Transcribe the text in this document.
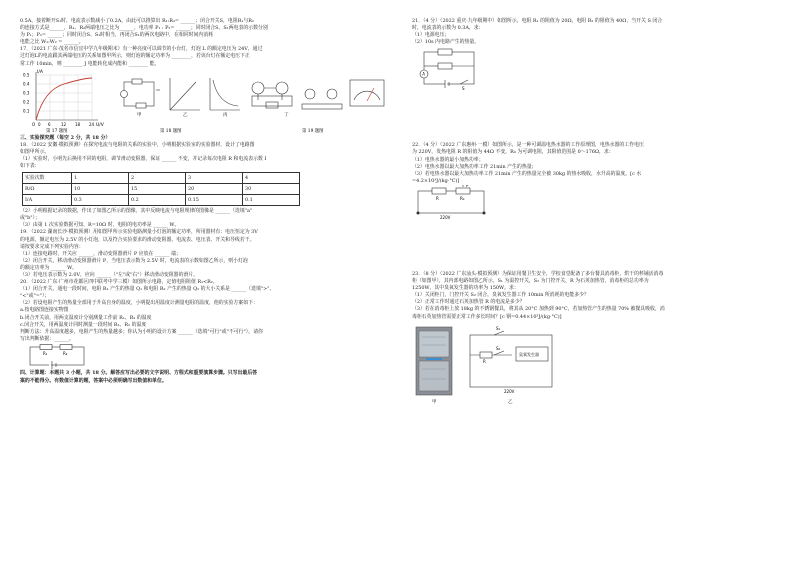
0.5A，接着断开S₁时，电流表示数减小了0.2A，由此可以推算出 R₁:R₂= ______；闭合开关S，电阻R₁与R₂

的连接方式是______，R₁、R₂两端电压之比为______，电功率 P₁ : P₂= ______；同时闭合S、S₁两电表的示数分别

为 P₁；P₂= ______；同时闭合S、S₁时相当，再闭合S₁的两次电路中，在相同时间内消耗

电能之比 W₁:W₂ = ______。

17．（2021 广东·茂名市信宜中学九年级期末）有一种亮度可以调节的小台灯，灯泡 L 的额定电压为 24V，通过

过灯泡L的电流跟其两端电压的关系如图甲所示，则灯泡的额定功率为 ________，若该台灯在额定电压下正

常工作 10min，则 ________ J 电能转化成内能和 ________ 能。

I/A
U/V
O
0.5
0.4
0.3
0.2
0.1
0 6	12 18 24
甲	乙	丙	丁
第 17 题图	第 18 题图	第 19 题图

三、实验探究题（每空 2 分，共 18 分）

18．（2022 安徽·模拟预测）在探究电流与电阻的关系的实验中，小明根据实验室的实验器材，设计了电路图

如图甲所示。

（1）实验时，小明先后换用不同的电阻，调节滑动变阻器，保证 ______ 不变，并记录每次电阻 R 和电流表示数 I

如下表：

实验次数	1	2	3	4
R/Ω	10	15	20	30
I/A	0.3	0.2	0.15	0.1

（2）小明根据记录的数据，作出了如图乙所示的图像，其中反映电流与电阻规律的图像是 ______（选填"a"

或"b"）；

（3）由第 1 次实验数据可知，R=10Ω 时，电阻的电功率是 ______ W。

19．（2022 湖南长沙·模拟预测）用如图甲所示实验电路测量小灯泡的额定功率，所用器材有：电压恒定为 3V

的电源，额定电压为 2.5V 的小灯泡，以及符合实验要求的滑动变阻器、电流表、电压表、开关和导线若干。

请按要求完成下列实验内容：

（1）连接电路时，开关应 ______，滑动变阻器滑片 P 应放在 ______ 端；

（2）闭合开关，移动滑动变阻器滑片 P，当电压表示数为 2.5V 时，电流表的示数如图乙所示，则小灯泡

的额定功率为 ______ W。

（3）若电压表示数为 2.0V，应向 ______（"左"或"右"）移动滑动变阻器的滑片。

20．（2022 广东·广州市花都区四中联考中学三模）如图所示电路，定值电阻阻值 R₁<R₂。

（1）闭合开关，通电一段时间，电阻 R₁ 产生的热量 Q₁ 和电阻 R₂ 产生的热量 Q₂ 的大小关系是 ______（选填">"、

"<"或"="）；

（2）若设电阻产生的热量全部用于升高自身的温度，小明提出用温度计测量电阻的温度，他的实验方案如下：

a.按电路图连接实物图

b.闭合开关前，用两支温度计分别测量工作前 R₁、R₂ 的温度

c.闭合开关，用两温度计同时测量一段时间 R₁、R₂ 的温度

判断方法：升高温度越多，电阻产生的热量越多；你认为小明的设计方案 ______（选填"可行"或"不可行"），请你

写出判断依据：______。

R₁	R₂

四、计算题：本题共 3 小题，共 18 分。解答应写出必要的文字说明、方程式和重要演算步骤。只写出最后答

案的不能得分。有数值计算的题，答案中必须明确写出数值和单位。

21．（4 分）（2022 重庆·九年级期中）如图所示，电阻 R₁ 的阻值为 20Ω，电阻 R₂ 的阻值为 40Ω，当开关 S 闭合

时，电流表的示数为 0.3A，求：

（1）电源电压；

（2）10s 内电路产生的热量。

A
S

22．（4 分）（2022 广东惠州·一模）如图所示，是一种可调温电热水器的工作原理图，电热水器的工作电压

为 220V，发热电阻 R 的阻值为 44Ω 不变，R₀ 为可调电阻，其阻值范围是 0～176Ω，求：

（1）电热水器的最小加热功率；

（2）电热水器以最大加热功率工作 21min 产生的热量；

（3）若电热水器以最大加热功率工作 21min 产生的热量完全被 30kg 的热水吸收，水升高的温度。[c 水

=4.2×10³J/(kg·°C)]

R
P
R₀
220V

23．（8 分）（2022 广东汕头·模拟预测）为保证用餐卫生安全，学校食堂配备了多台餐具消毒柜，烘干的杯铺活消毒

柜（如图甲），其内部电路如图乙所示，S₁ 为温控开关，S₂ 为门控开关，R 为石英加热管，消毒柜的总功率为

1250W，其中臭氧发生器的功率为 150W。求：

（1）关闭柜门，门控开关 S₂ 闭合，臭氧发生器工作 10min 所消耗的电能多少？

（2）正常工作时通过石英加热管 R 的电流是多少？

（3）若在消毒柜上放 18kg 的不锈钢餐具，将其从 20°C 加热到 90°C，若加热管产生的热量 70% 被餐具吸收，消

毒柜石英加热管需要正常工作多长时间？[c 钢=0.44×10³J/(kg·°C)]

甲
S₁
S₂
R
臭氧发生器
220V
乙
